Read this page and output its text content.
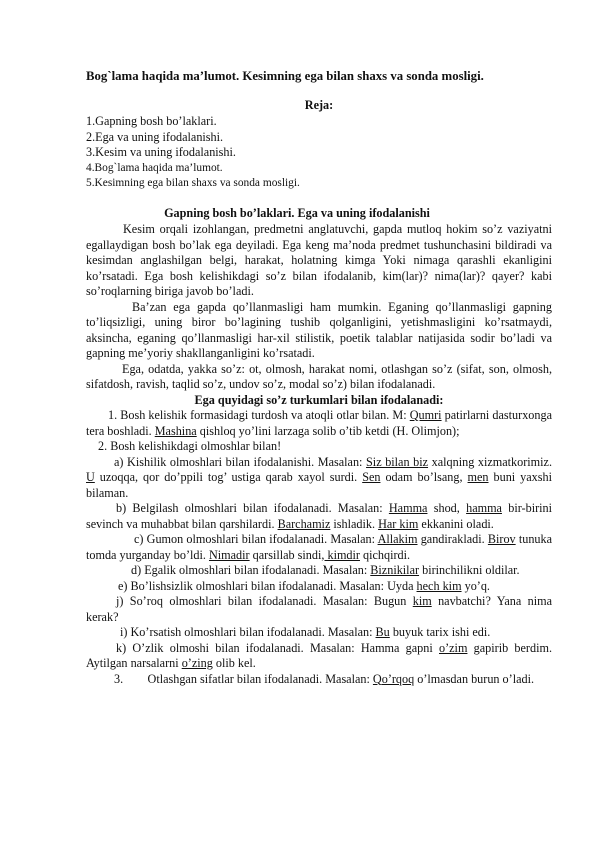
Bog`lama haqida ma’lumot. Kesimning ega bilan shaxs va sonda mosligi.

Reja:

1.Gapning bosh bo’laklari.

2.Ega va uning ifodalanishi.

3.Kesim va uning ifodalanishi.

4.Bog`lama haqida ma’lumot.

5.Kesimning ega bilan shaxs va sonda mosligi.

Gapning bosh bo’laklari. Ega va uning ifodalanishi

Kesim orqali izohlangan, predmetni anglatuvchi, gapda mutloq hokim so’z vaziyatni egallaydigan bosh bo’lak ega deyiladi. Ega keng ma’noda predmet tushunchasini bildiradi va kesimdan anglashilgan belgi, harakat, holatning kimga Yoki nimaga qarashli ekanligini ko’rsatadi. Ega bosh kelishikdagi so’z bilan ifodalanib, kim(lar)? nima(lar)? qayer? kabi so’roqlarning biriga javob bo’ladi.

Ba’zan ega gapda qo’llanmasligi ham mumkin. Eganing qo’llanmasligi gapning to’liqsizligi, uning biror bo’lagining tushib qolganligini, yetishmasligini ko’rsatmaydi, aksincha, eganing qo’llanmasligi har-xil stilistik, poetik talablar natijasida sodir bo’ladi va gapning me’yoriy shakllanganligini ko’rsatadi.

Ega, odatda, yakka so’z: ot, olmosh, harakat nomi, otlashgan so’z (sifat, son, olmosh, sifatdosh, ravish, taqlid so’z, undov so’z, modal so’z) bilan ifodalanadi.

Ega quyidagi so’z turkumlari bilan ifodalanadi:

1. Bosh kelishik formasidagi turdosh va atoqli otlar bilan. M: Qumri patirlarni dasturxonga tera boshladi. Mashina qishloq yo’lini larzaga solib o’tib ketdi (H. Olimjon);

2. Bosh kelishikdagi olmoshlar bilan!

a) Kishilik olmoshlari bilan ifodalanishi. Masalan: Siz bilan biz xalqning xizmatkorimiz. U uzoqqa, qor do’ppili tog’ ustiga qarab xayol surdi. Sen odam bo’lsang, men buni yaxshi bilaman.

b) Belgilash olmoshlari bilan ifodalanadi. Masalan: Hamma shod, hamma bir-birini sevinch va muhabbat bilan qarshilardi. Barchamiz ishladik. Har kim ekkanini oladi.

c) Gumon olmoshlari bilan ifodalanadi. Masalan: Allakim gandirakladi. Birov tunuka tomda yurganday bo’ldi. Nimadir qarsillab sindi, kimdir qichqirdi.

d) Egalik olmoshlari bilan ifodalanadi. Masalan: Biznikilar birinchilikni oldilar.

e) Bo’lishsizlik olmoshlari bilan ifodalanadi. Masalan: Uyda hech kim yo’q.

j) So’roq olmoshlari bilan ifodalanadi. Masalan: Bugun kim navbatchi? Yana nima kerak?

i) Ko’rsatish olmoshlari bilan ifodalanadi. Masalan: Bu buyuk tarix ishi edi.

k) O’zlik olmoshi bilan ifodalanadi. Masalan: Hamma gapni o’zim gapirib berdim. Aytilgan narsalarni o’zing olib kel.

3.        Otlashgan sifatlar bilan ifodalanadi. Masalan: Qo’rqoq o’lmasdan burun o’ladi.
